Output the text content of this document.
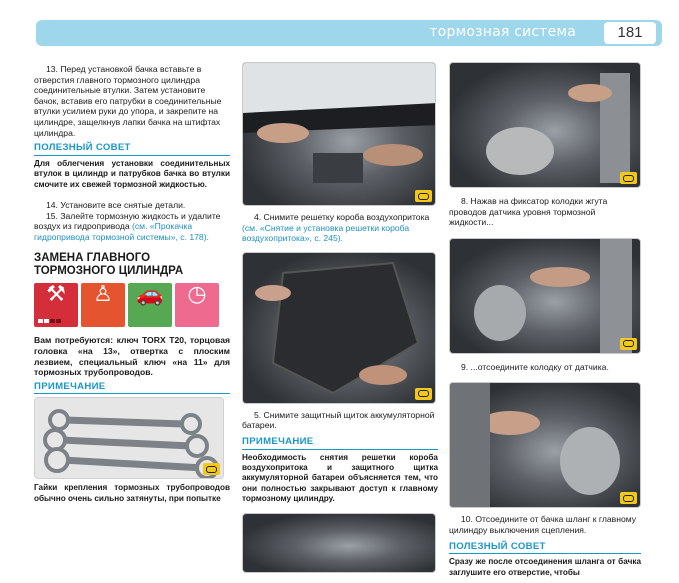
тормозная система	181

13. Перед установкой бачка вставьте в отверстия главного тормозного цилиндра соединительные втулки. Затем установите бачок, вставив его патрубки в соединительные втулки усилием руки до упора, и закрепите на цилиндре, защелкнув лапки бачка на штифтах цилиндра.

ПОЛЕЗНЫЙ СОВЕТ

Для облегчения установки соединительных втулок в цилиндр и патрубков бачка во втулки смочите их свежей тормозной жидкостью.

14. Установите все снятые детали.

15. Залейте тормозную жидкость и удалите воздух из гидропривода (см. «Прокачка гидропривода тормозной системы», с. 178).

ЗАМЕНА ГЛАВНОГО ТОРМОЗНОГО ЦИЛИНДРА
⚒	♙	🚗	◷

Вам потребуются: ключ TORX T20, торцовая головка «на 13», отвертка с плоским лезвием, специальный ключ «на 11» для тормозных трубопроводов.

ПРИМЕЧАНИЕ

Гайки крепления тормозных трубопроводов обычно очень сильно затянуты, при попытке

4. Снимите решетку короба воздухопритока (см. «Снятие и установка решетки короба воздухопритока», с. 245).

5. Снимите защитный щиток аккумуляторной батареи.

ПРИМЕЧАНИЕ

Необходимость снятия решетки короба воздухопритока и защитного щитка аккумуляторной батареи объясняется тем, что они полностью закрывают доступ к главному тормозному цилиндру.

8. Нажав на фиксатор колодки жгута проводов датчика уровня тормозной жидкости...

9. ...отсоедините колодку от датчика.

10. Отсоедините от бачка шланг к главному цилиндру выключения сцепления.

ПОЛЕЗНЫЙ СОВЕТ

Сразу же после отсоединения шланга от бачка заглушите его отверстие, чтобы
